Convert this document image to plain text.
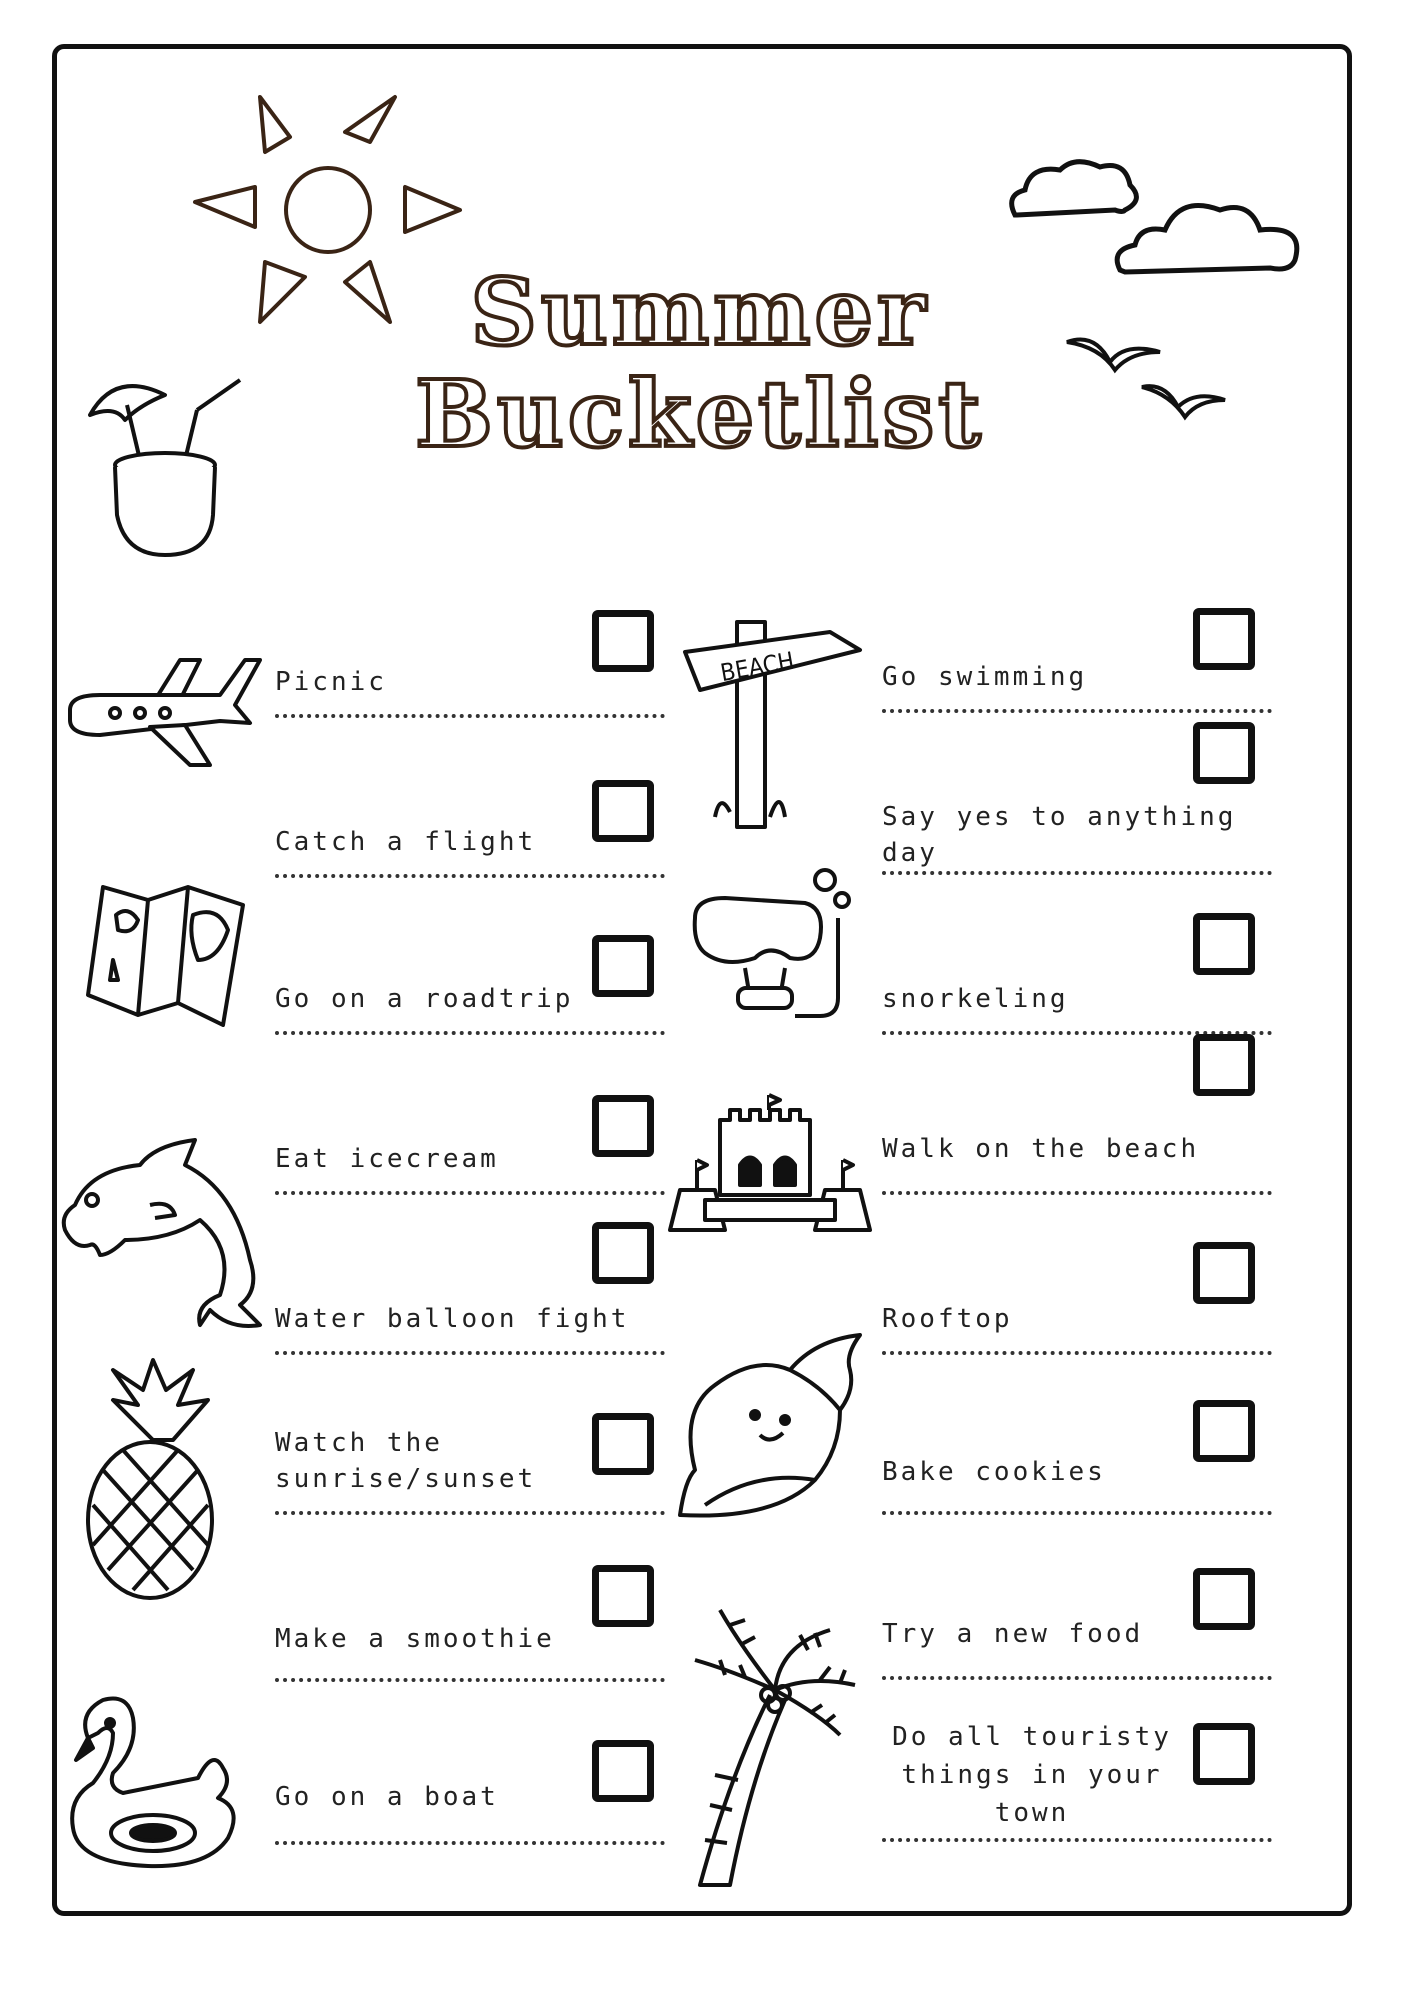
BEACH
Summer
Bucketlist
Picnic
Catch a flight
Go on a roadtrip
Eat icecream
Water balloon fight
Watch the sunrise/sunset
Make a smoothie
Go on a boat
Go swimming
Say yes to anything day
snorkeling
Walk on the beach
Rooftop
Bake cookies
Try a new food
Do all touristy things in your town
